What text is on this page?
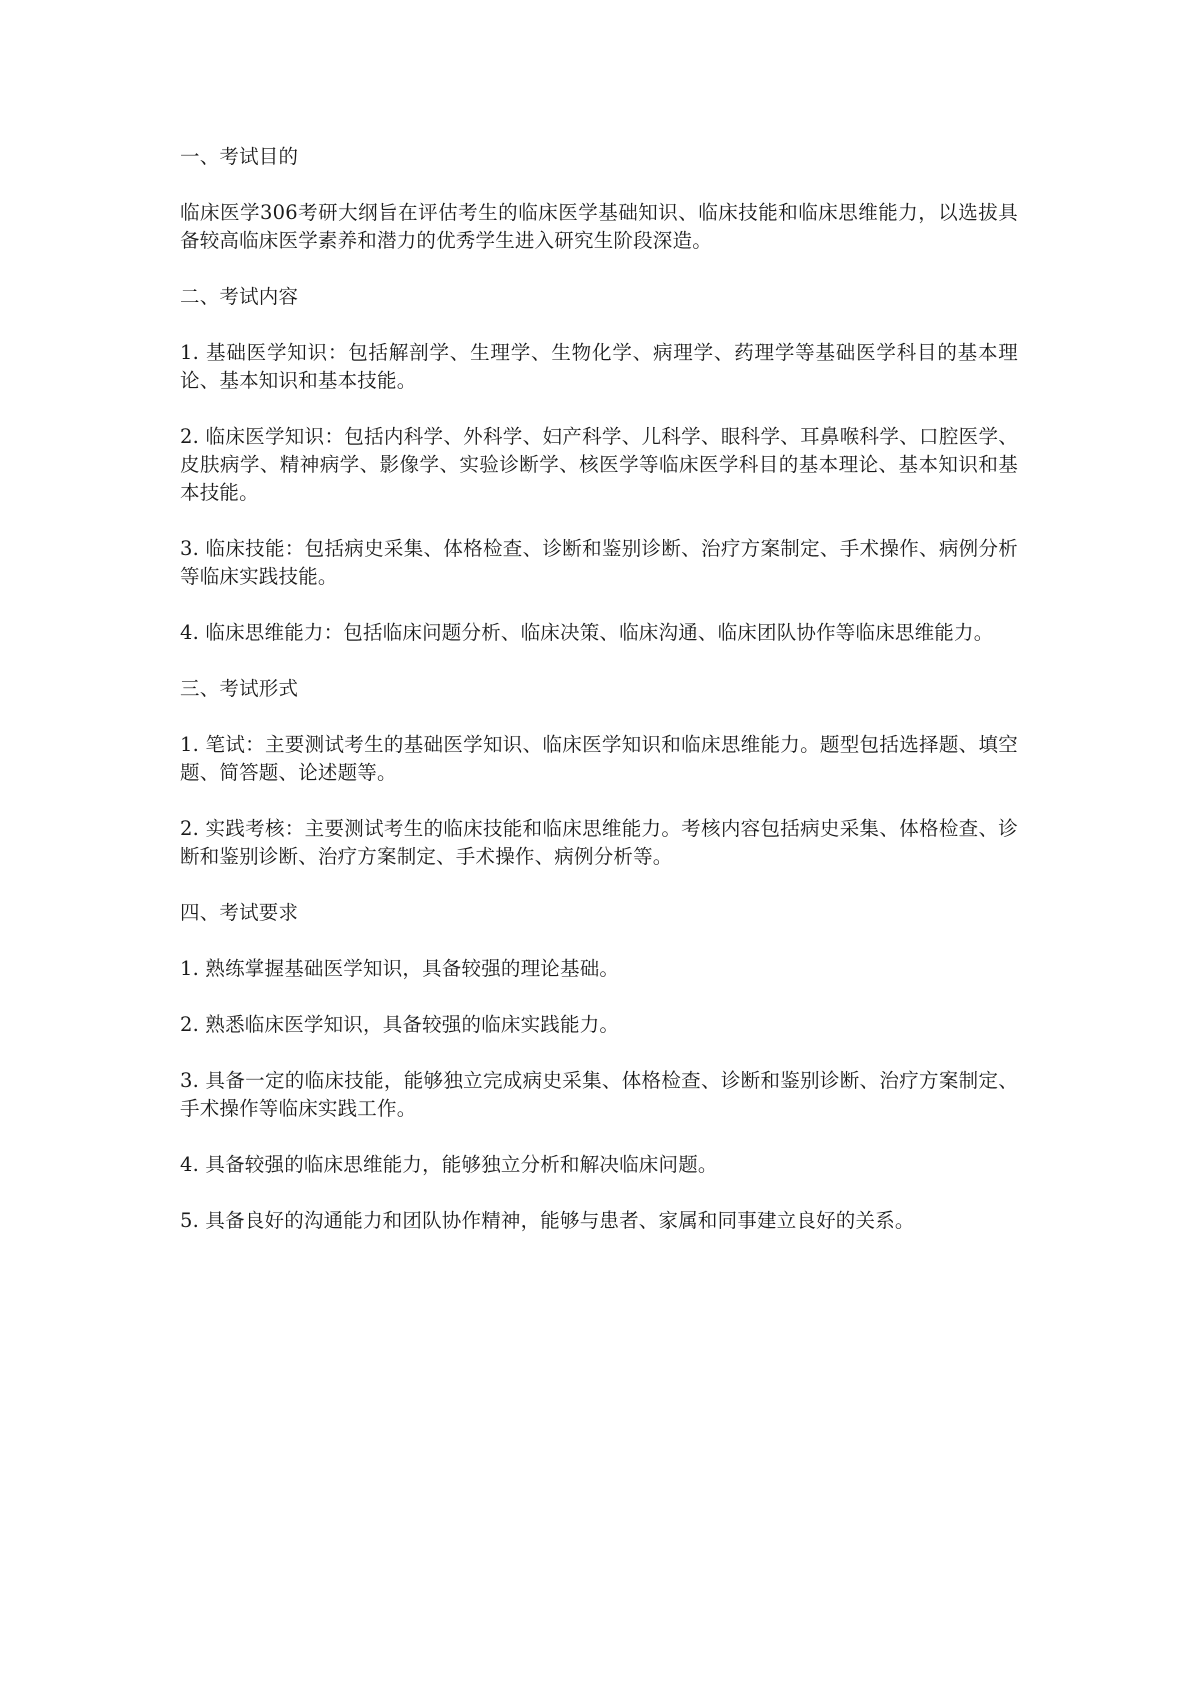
一、考试目的
临床医学306考研大纲旨在评估考生的临床医学基础知识、临床技能和临床思维能力，以选拔具备较高临床医学素养和潜力的优秀学生进入研究生阶段深造。
二、考试内容
1. 基础医学知识：包括解剖学、生理学、生物化学、病理学、药理学等基础医学科目的基本理论、基本知识和基本技能。
2. 临床医学知识：包括内科学、外科学、妇产科学、儿科学、眼科学、耳鼻喉科学、口腔医学、皮肤病学、精神病学、影像学、实验诊断学、核医学等临床医学科目的基本理论、基本知识和基本技能。
3. 临床技能：包括病史采集、体格检查、诊断和鉴别诊断、治疗方案制定、手术操作、病例分析等临床实践技能。
4. 临床思维能力：包括临床问题分析、临床决策、临床沟通、临床团队协作等临床思维能力。
三、考试形式
1. 笔试：主要测试考生的基础医学知识、临床医学知识和临床思维能力。题型包括选择题、填空题、简答题、论述题等。
2. 实践考核：主要测试考生的临床技能和临床思维能力。考核内容包括病史采集、体格检查、诊断和鉴别诊断、治疗方案制定、手术操作、病例分析等。
四、考试要求
1. 熟练掌握基础医学知识，具备较强的理论基础。
2. 熟悉临床医学知识，具备较强的临床实践能力。
3. 具备一定的临床技能，能够独立完成病史采集、体格检查、诊断和鉴别诊断、治疗方案制定、手术操作等临床实践工作。
4. 具备较强的临床思维能力，能够独立分析和解决临床问题。
5. 具备良好的沟通能力和团队协作精神，能够与患者、家属和同事建立良好的关系。
